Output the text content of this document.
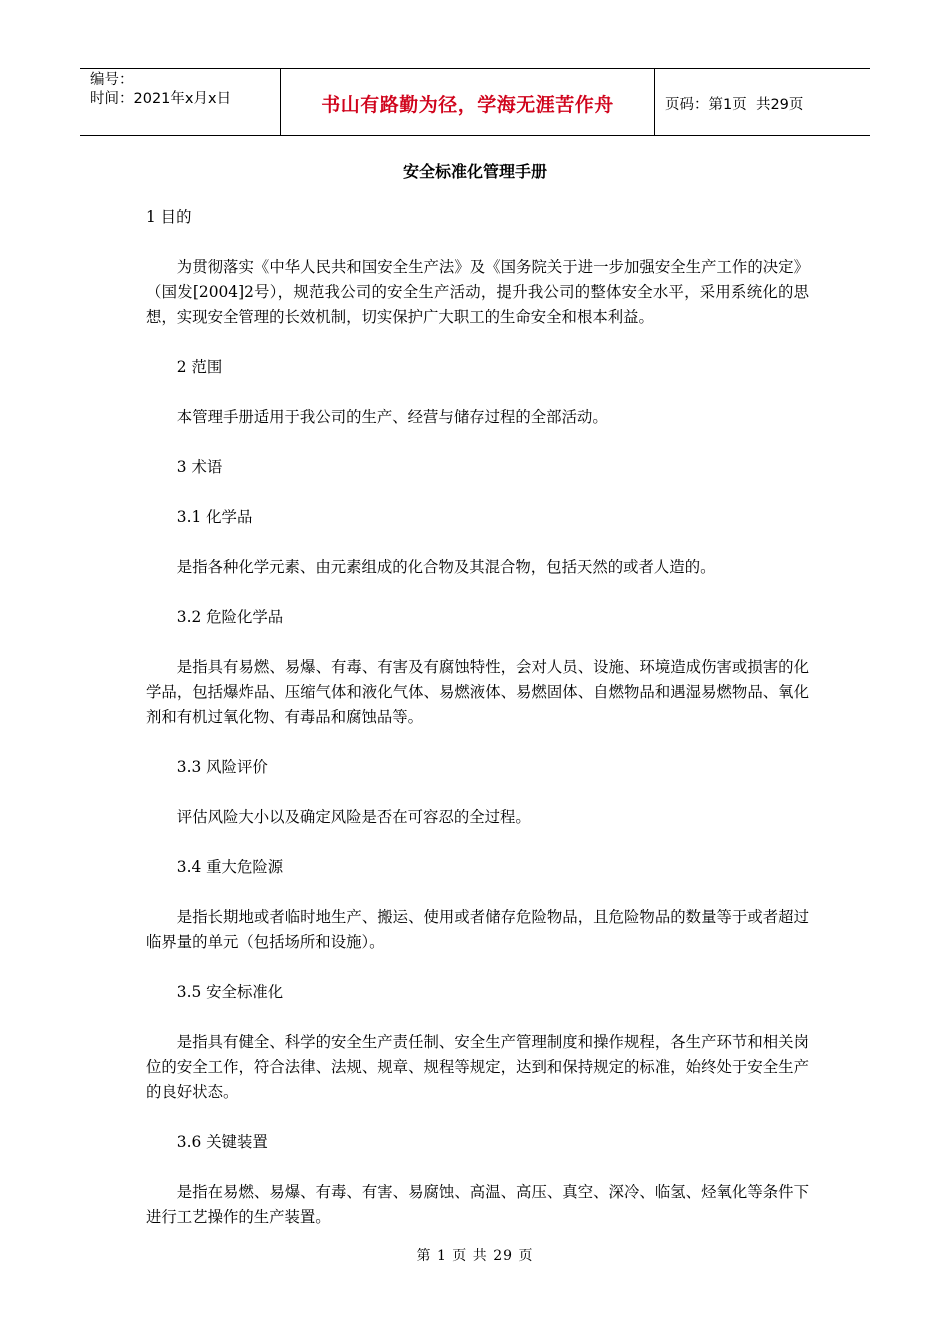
编号：
时间：2021年x月x日	书山有路勤为径，学海无涯苦作舟	页码：第1页  共29页
安全标准化管理手册

1 目的

为贯彻落实《中华人民共和国安全生产法》及《国务院关于进一步加强安全生产工作的决定》（国发[2004]2号），规范我公司的安全生产活动，提升我公司的整体安全水平，采用系统化的思想，实现安全管理的长效机制，切实保护广大职工的生命安全和根本利益。

2 范围

本管理手册适用于我公司的生产、经营与储存过程的全部活动。

3 术语

3.1 化学品

是指各种化学元素、由元素组成的化合物及其混合物，包括天然的或者人造的。

3.2 危险化学品

是指具有易燃、易爆、有毒、有害及有腐蚀特性，会对人员、设施、环境造成伤害或损害的化学品，包括爆炸品、压缩气体和液化气体、易燃液体、易燃固体、自燃物品和遇湿易燃物品、氧化剂和有机过氧化物、有毒品和腐蚀品等。

3.3 风险评价

评估风险大小以及确定风险是否在可容忍的全过程。

3.4 重大危险源

是指长期地或者临时地生产、搬运、使用或者储存危险物品，且危险物品的数量等于或者超过临界量的单元（包括场所和设施）。

3.5 安全标准化

是指具有健全、科学的安全生产责任制、安全生产管理制度和操作规程，各生产环节和相关岗位的安全工作，符合法律、法规、规章、规程等规定，达到和保持规定的标准，始终处于安全生产的良好状态。

3.6 关键装置

是指在易燃、易爆、有毒、有害、易腐蚀、高温、高压、真空、深冷、临氢、烃氧化等条件下进行工艺操作的生产装置。

第 1 页 共 29 页
